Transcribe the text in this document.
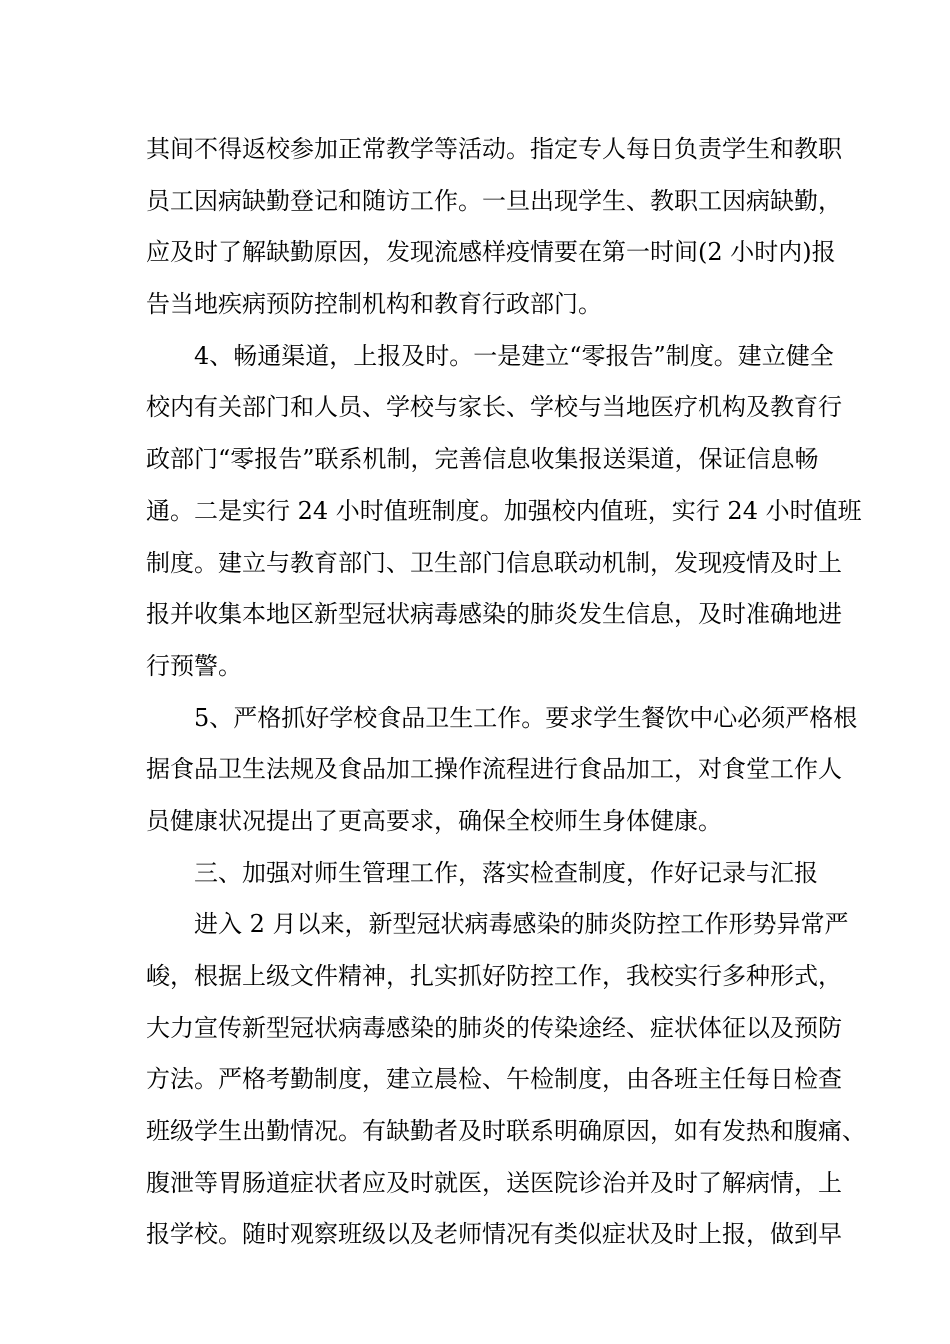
其间不得返校参加正常教学等活动。指定专人每日负责学生和教职
员工因病缺勤登记和随访工作。一旦出现学生、教职工因病缺勤，
应及时了解缺勤原因，发现流感样疫情要在第一时间(2 小时内)报
告当地疾病预防控制机构和教育行政部门。
4、畅通渠道，上报及时。一是建立“零报告”制度。建立健全
校内有关部门和人员、学校与家长、学校与当地医疗机构及教育行
政部门“零报告”联系机制，完善信息收集报送渠道，保证信息畅
通。二是实行 24 小时值班制度。加强校内值班，实行 24 小时值班
制度。建立与教育部门、卫生部门信息联动机制，发现疫情及时上
报并收集本地区新型冠状病毒感染的肺炎发生信息，及时准确地进
行预警。
5、严格抓好学校食品卫生工作。要求学生餐饮中心必须严格根
据食品卫生法规及食品加工操作流程进行食品加工，对食堂工作人
员健康状况提出了更高要求，确保全校师生身体健康。
三、加强对师生管理工作，落实检查制度，作好记录与汇报
进入 2 月以来，新型冠状病毒感染的肺炎防控工作形势异常严
峻，根据上级文件精神，扎实抓好防控工作，我校实行多种形式，
大力宣传新型冠状病毒感染的肺炎的传染途经、症状体征以及预防
方法。严格考勤制度，建立晨检、午检制度，由各班主任每日检查
班级学生出勤情况。有缺勤者及时联系明确原因，如有发热和腹痛、
腹泄等胃肠道症状者应及时就医，送医院诊治并及时了解病情，上
报学校。随时观察班级以及老师情况有类似症状及时上报，做到早
